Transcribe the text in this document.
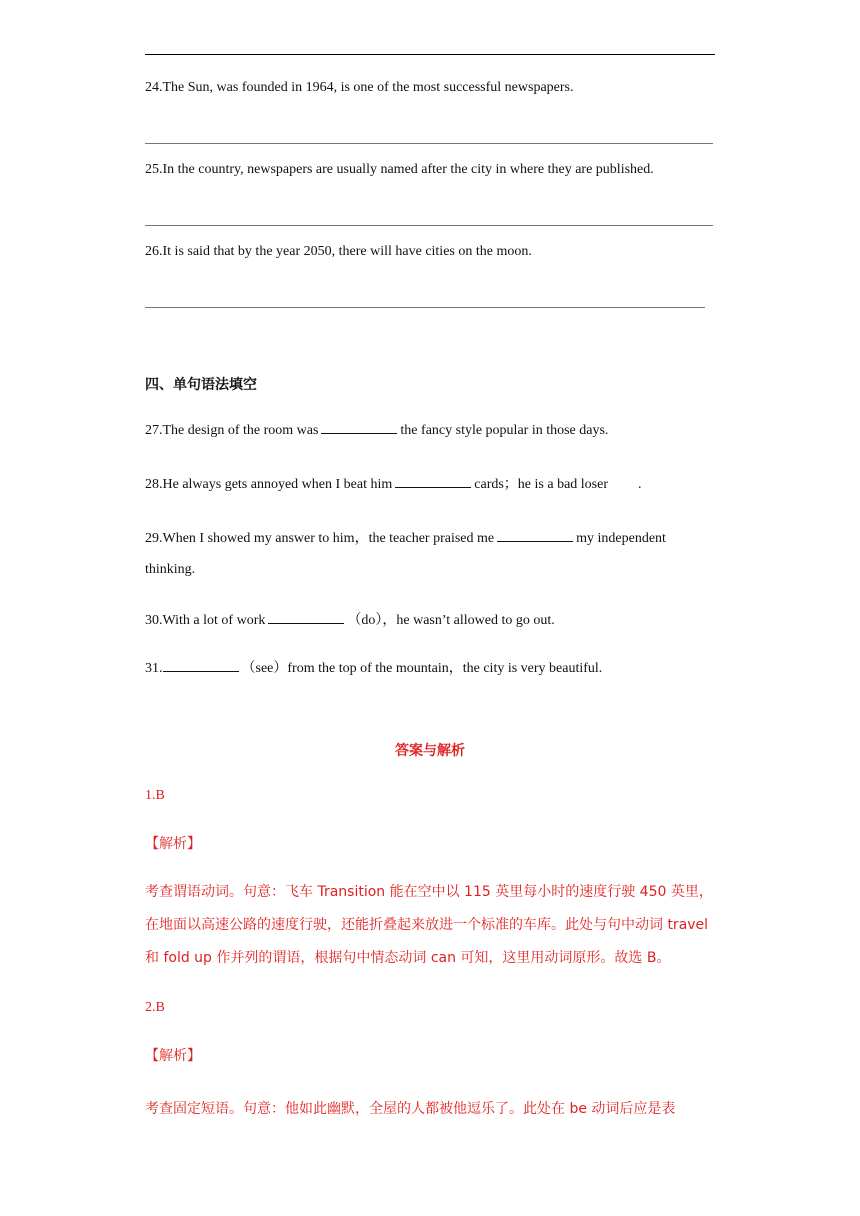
24.The Sun, was founded in 1964, is one of the most successful newspapers.
25.In the country, newspapers are usually named after the city in where they are published.
26.It is said that by the year 2050, there will have cities on the moon.
四、单句语法填空
27.The design of the room was	the fancy style popular in those days.
28.He always gets annoyed when I beat him	cards；he is a bad loser .
29.When I showed my answer to him，the teacher praised me	my independent
thinking.
30.With a lot of work	（do），he wasn’t allowed to go out.
31.	（see）from the top of the mountain，the city is very beautiful.
答案与解析
1.B
【解析】
考查谓语动词。句意：飞车 Transition 能在空中以 115 英里每小时的速度行驶 450 英里，在地面以高速公路的速度行驶，还能折叠起来放进一个标准的车库。此处与句中动词 travel 和 fold up 作并列的谓语，根据句中情态动词 can 可知，这里用动词原形。故选 B。
2.B
【解析】
考查固定短语。句意：他如此幽默，全屋的人都被他逗乐了。此处在 be 动词后应是表
